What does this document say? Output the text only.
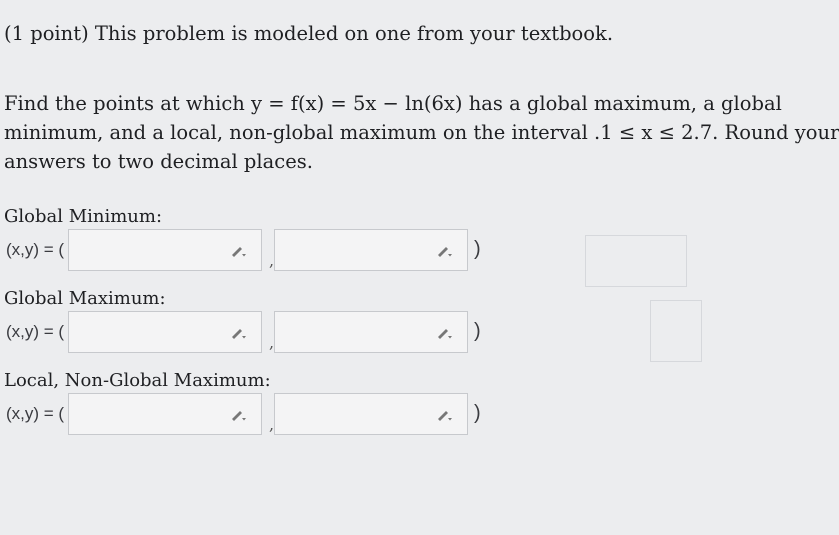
(1 point) This problem is modeled on one from your textbook.
Find the points at which y = f(x) = 5x − ln(6x) has a global maximum, a global
minimum, and a local, non-global maximum on the interval .1 ≤ x ≤ 2.7. Round your
answers to two decimal places.
Global Minimum:
(x,y) = (
,
)
Global Maximum:
(x,y) = (
,
)
Local, Non-Global Maximum:
(x,y) = (
,
)
